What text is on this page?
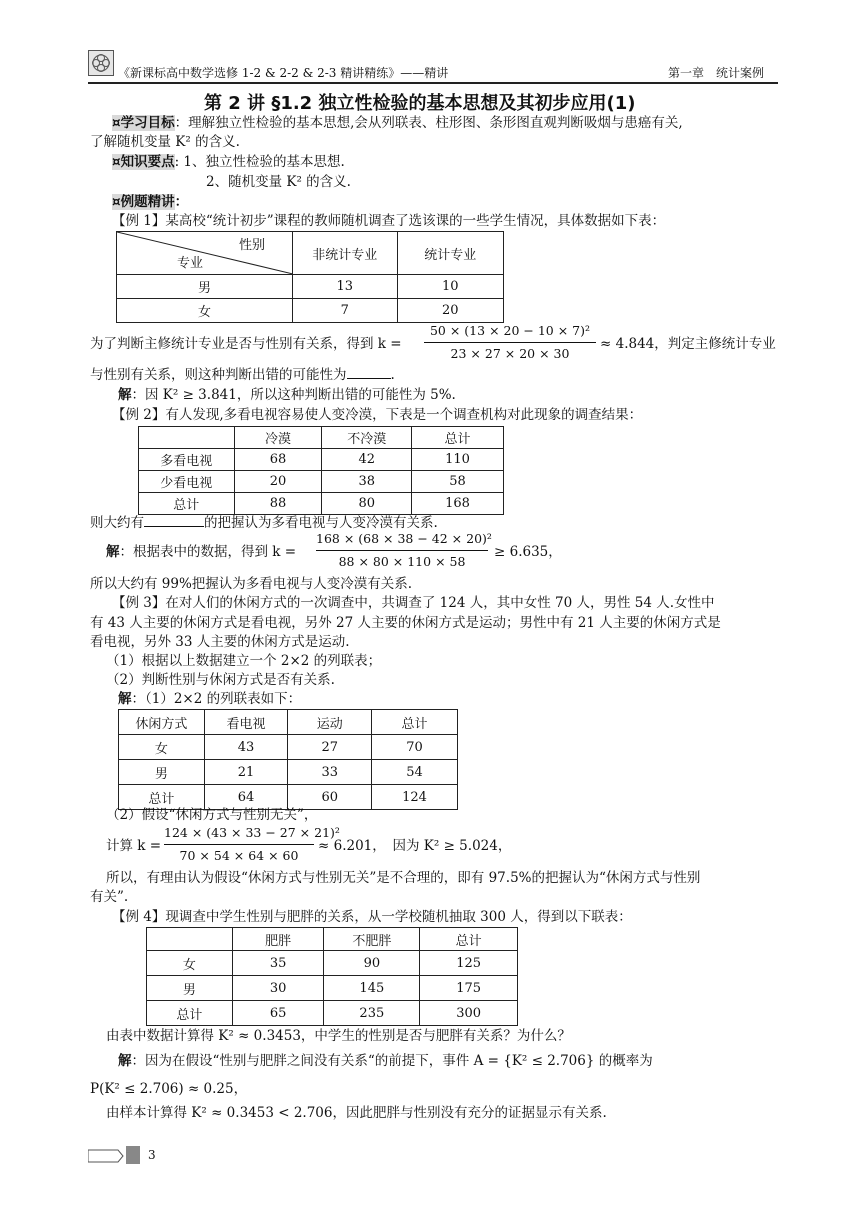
《新课标高中数学选修 1-2 & 2-2 & 2-3 精讲精练》——精讲	第一章　统计案例
第 2 讲 §1.2 独立性检验的基本思想及其初步应用(1)
¤学习目标：理解独立性检验的基本思想,会从列联表、柱形图、条形图直观判断吸烟与患癌有关,
了解随机变量 K² 的含义.
¤知识要点: 1、独立性检验的基本思想.
2、随机变量 K² 的含义.
¤例题精讲：
【例 1】某高校“统计初步”课程的教师随机调查了选该课的一些学生情况，具体数据如下表：
性别
专业	非统计专业	统计专业
男	13	10
女	7	20
为了判断主修统计专业是否与性别有关系，得到 k =
50 × (13 × 20 − 10 × 7)²
23 × 27 × 20 × 30
≈ 4.844，判定主修统计专业
与性别有关系，则这种判断出错的可能性为	.
解：因 K² ≥ 3.841，所以这种判断出错的可能性为 5%.
【例 2】有人发现,多看电视容易使人变冷漠，下表是一个调查机构对此现象的调查结果：
	冷漠	不冷漠	总计
多看电视	68	42	110
少看电视	20	38	58
总计	88	80	168
则大约有	的把握认为多看电视与人变冷漠有关系.
解：根据表中的数据，得到 k =
168 × (68 × 38 − 42 × 20)²
88 × 80 × 110 × 58
≥ 6.635，
所以大约有 99%把握认为多看电视与人变冷漠有关系.
【例 3】在对人们的休闲方式的一次调查中，共调查了 124 人，其中女性 70 人，男性 54 人.女性中
有 43 人主要的休闲方式是看电视，另外 27 人主要的休闲方式是运动；男性中有 21 人主要的休闲方式是
看电视，另外 33 人主要的休闲方式是运动.
（1）根据以上数据建立一个 2×2 的列联表；
（2）判断性别与休闲方式是否有关系.
解：（1）2×2 的列联表如下：
休闲方式	看电视	运动	总计
女	43	27	70
男	21	33	54
总计	64	60	124
（2）假设“休闲方式与性别无关”，
计算 k =
124 × (43 × 33 − 27 × 21)²
70 × 54 × 64 × 60
≈ 6.201，　因为 K² ≥ 5.024，
所以，有理由认为假设“休闲方式与性别无关”是不合理的，即有 97.5%的把握认为“休闲方式与性别
有关”.
【例 4】现调查中学生性别与肥胖的关系，从一学校随机抽取 300 人，得到以下联表：
	肥胖	不肥胖	总计
女	35	90	125
男	30	145	175
总计	65	235	300
由表中数据计算得 K² ≈ 0.3453，中学生的性别是否与肥胖有关系？为什么？
解：因为在假设“性别与肥胖之间没有关系“的前提下，事件 A = {K² ≤ 2.706} 的概率为
P(K² ≤ 2.706) ≈ 0.25，
由样本计算得 K² ≈ 0.3453 < 2.706，因此肥胖与性别没有充分的证据显示有关系.
3
